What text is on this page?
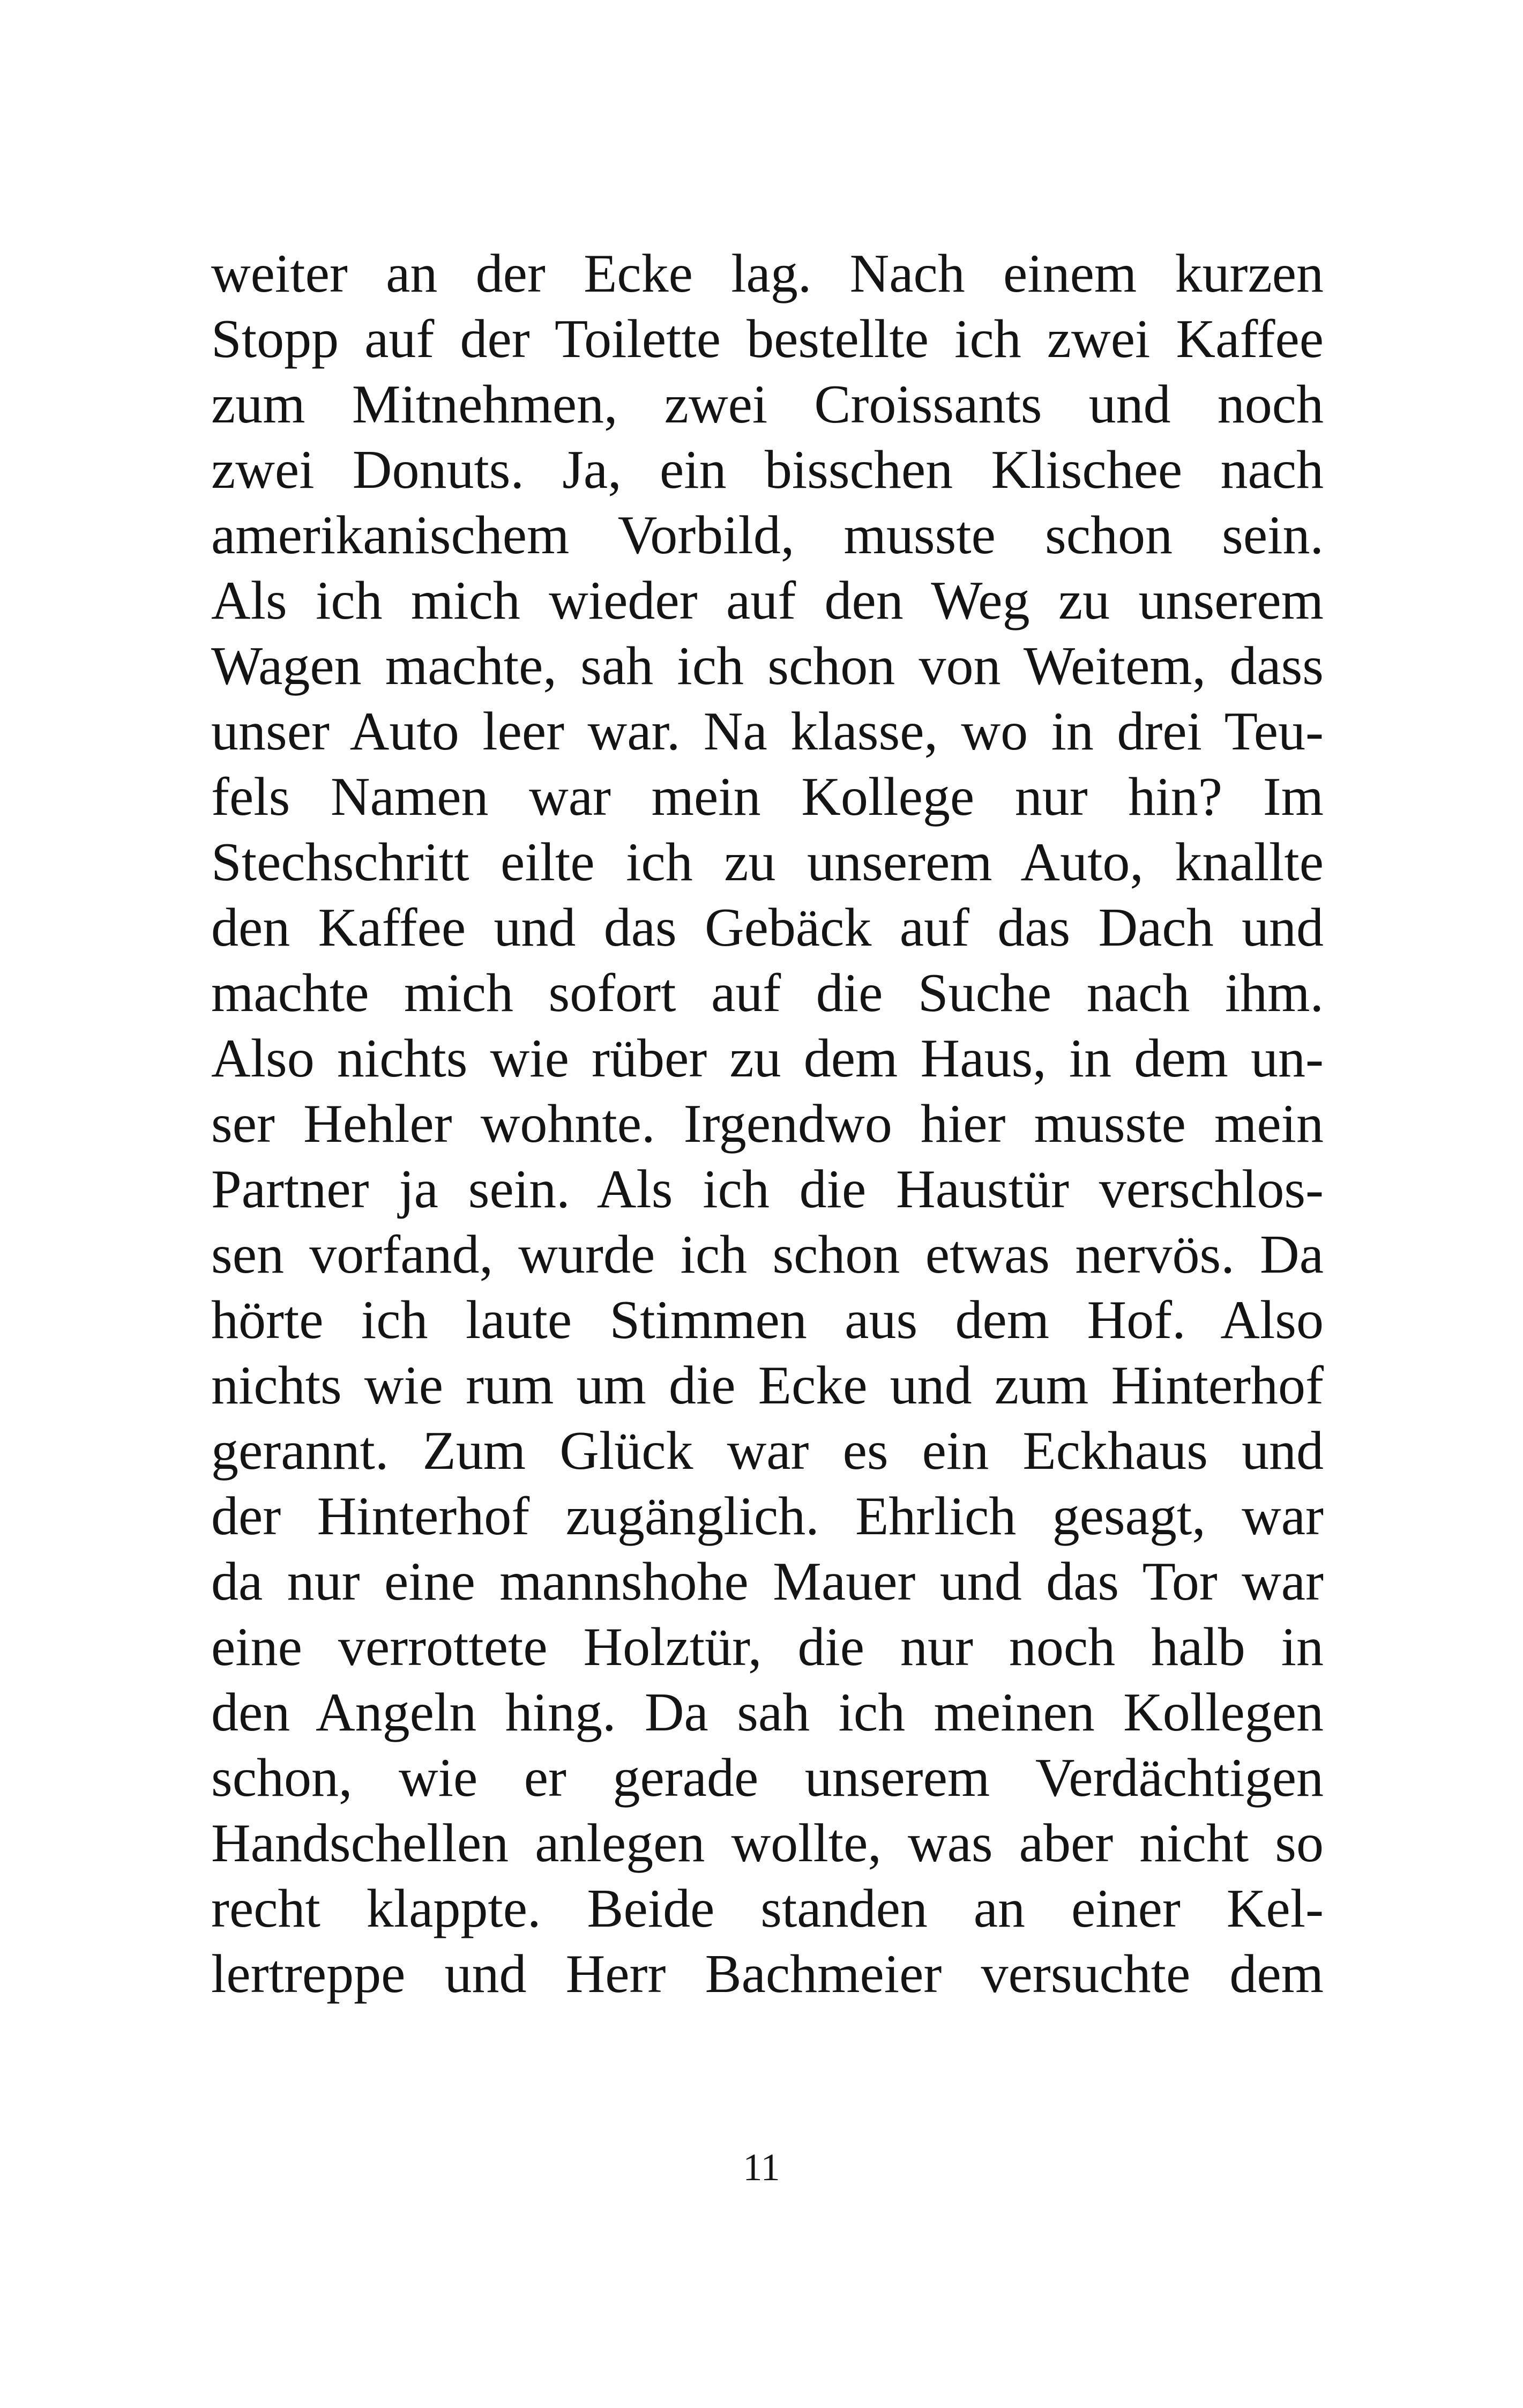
weiter an der Ecke lag. Nach einem kurzen
Stopp auf der Toilette bestellte ich zwei Kaffee
zum Mitnehmen, zwei Croissants und noch
zwei Donuts. Ja, ein bisschen Klischee nach
amerikanischem Vorbild, musste schon sein.
Als ich mich wieder auf den Weg zu unserem
Wagen machte, sah ich schon von Weitem, dass
unser Auto leer war. Na klasse, wo in drei Teu-
fels Namen war mein Kollege nur hin? Im
Stechschritt eilte ich zu unserem Auto, knallte
den Kaffee und das Gebäck auf das Dach und
machte mich sofort auf die Suche nach ihm.
Also nichts wie rüber zu dem Haus, in dem un-
ser Hehler wohnte. Irgendwo hier musste mein
Partner ja sein. Als ich die Haustür verschlos-
sen vorfand, wurde ich schon etwas nervös. Da
hörte ich laute Stimmen aus dem Hof. Also
nichts wie rum um die Ecke und zum Hinterhof
gerannt. Zum Glück war es ein Eckhaus und
der Hinterhof zugänglich. Ehrlich gesagt, war
da nur eine mannshohe Mauer und das Tor war
eine verrottete Holztür, die nur noch halb in
den Angeln hing. Da sah ich meinen Kollegen
schon, wie er gerade unserem Verdächtigen
Handschellen anlegen wollte, was aber nicht so
recht klappte. Beide standen an einer Kel-
lertreppe und Herr Bachmeier versuchte dem
11
